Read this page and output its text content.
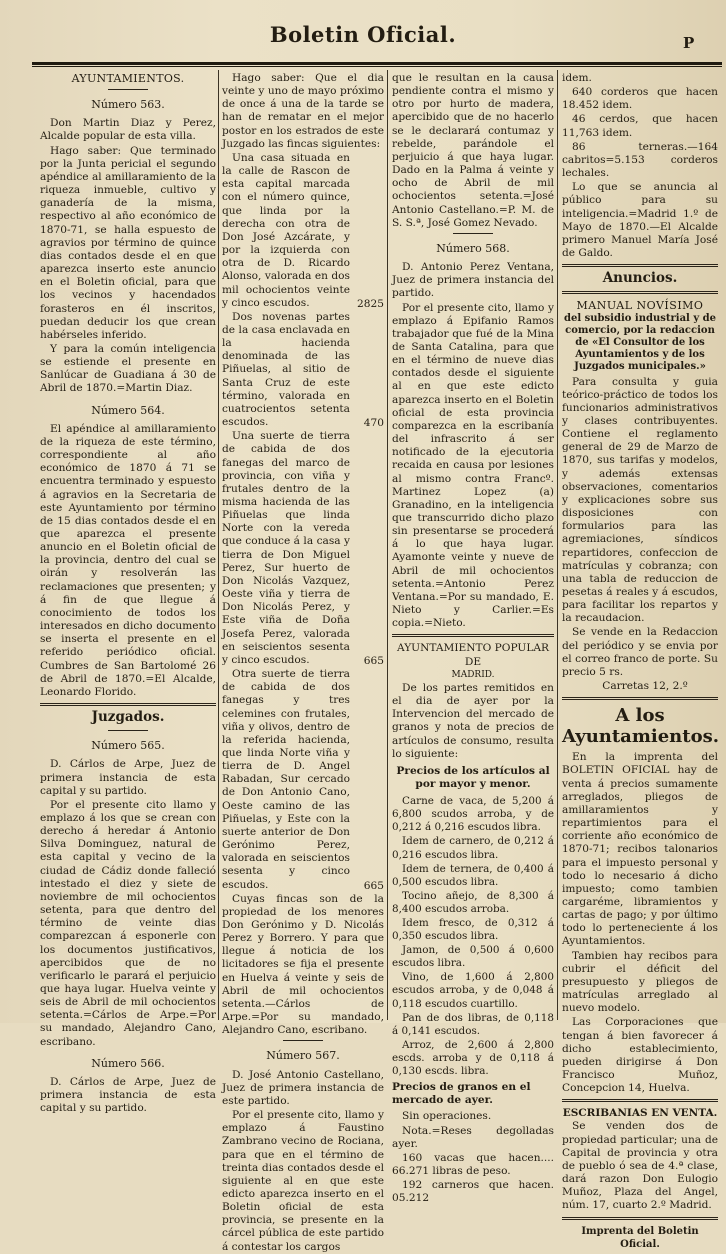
Boletin Oficial.	P
AYUNTAMIENTOS.
Número 563.

Don Martin Diaz y Perez, Alcalde popular de esta villa.

Hago saber: Que terminado por la Junta pericial el segundo apéndice al amillaramiento de la riqueza inmueble, cultivo y ganadería de la misma, respectivo al año económico de 1870-71, se halla espuesto de agravios por término de quince dias contados desde el en que aparezca inserto este anuncio en el Boletin oficial, para que los vecinos y hacendados forasteros en él inscritos, puedan deducir los que crean habérseles inferido.

Y para la común inteligencia se estiende el presente en Sanlúcar de Guadiana á 30 de Abril de 1870.=Martin Diaz.

Número 564.

El apéndice al amillaramiento de la riqueza de este término, correspondiente al año económico de 1870 á 71 se encuentra terminado y espuesto á agravios en la Secretaria de este Ayuntamiento por término de 15 dias contados desde el en que aparezca el presente anuncio en el Boletin oficial de la provincia, dentro del cual se oirán y resolverán las reclamaciones que presenten; y á fin de que llegue á conocimiento de todos los interesados en dicho documento se inserta el presente en el referido periódico oficial. Cumbres de San Bartolomé 26 de Abril de 1870.=El Alcalde, Leonardo Florido.

Juzgados.
Número 565.

D. Cárlos de Arpe, Juez de primera instancia de esta capital y su partido.

Por el presente cito llamo y emplazo á los que se crean con derecho á heredar á Antonio Silva Dominguez, natural de esta capital y vecino de la ciudad de Cádiz donde falleció intestado el diez y siete de noviembre de mil ochocientos setenta, para que dentro del término de veinte dias comparezcan á esponerle con los documentos justificativos, apercibidos que de no verificarlo le parará el perjuicio que haya lugar. Huelva veinte y seis de Abril de mil ochocientos setenta.=Cárlos de Arpe.=Por su mandado, Alejandro Cano, escribano.

Número 566.

D. Cárlos de Arpe, Juez de primera instancia de esta capital y su partido.

Hago saber: Que el dia veinte y uno de mayo próximo de once á una de la tarde se han de rematar en el mejor postor en los estrados de este Juzgado las fincas siguientes:

Una casa situada en la calle de Rascon de esta capital marcada con el número quince, que linda por la derecha con otra de Don José Azcárate, y por la izquierda con otra de D. Ricardo Alonso, valorada en dos mil ochocientos veinte y cinco escudos.	2825

Dos novenas partes de la casa enclavada en la hacienda denominada de las Piñuelas, al sitio de Santa Cruz de este término, valorada en cuatrocientos setenta escudos.	470

Una suerte de tierra de cabida de dos fanegas del marco de provincia, con viña y frutales dentro de la misma hacienda de las Piñuelas que linda Norte con la vereda que conduce á la casa y tierra de Don Miguel Perez, Sur huerto de Don Nicolás Vazquez, Oeste viña y tierra de Don Nicolás Perez, y Este viña de Doña Josefa Perez, valorada en seiscientos sesenta y cinco escudos.	665

Otra suerte de tierra de cabida de dos fanegas y tres celemines con frutales, viña y olivos, dentro de la referida hacienda, que linda Norte viña y tierra de D. Angel Rabadan, Sur cercado de Don Antonio Cano, Oeste camino de las Piñuelas, y Este con la suerte anterior de Don Gerónimo Perez, valorada en seiscientos sesenta y cinco escudos.	665

Cuyas fincas son de la propiedad de los menores Don Gerónimo y D. Nicolás Perez y Borrero. Y para que llegue á noticia de los licitadores se fija el presente en Huelva á veinte y seis de Abril de mil ochocientos setenta.—Cárlos de Arpe.=Por su mandado, Alejandro Cano, escribano.

Número 567.

D. José Antonio Castellano, Juez de primera instancia de este partido.

Por el presente cito, llamo y emplazo á Faustino Zambrano vecino de Rociana, para que en el término de treinta dias contados desde el siguiente al en que este edicto aparezca inserto en el Boletin oficial de esta provincia, se presente en la cárcel pública de este partido á contestar los cargos

que le resultan en la causa pendiente contra el mismo y otro por hurto de madera, apercibido que de no hacerlo se le declarará contumaz y rebelde, parándole el perjuicio á que haya lugar. Dado en la Palma á veinte y ocho de Abril de mil ochocientos setenta.=José Antonio Castellano.=P. M. de S. S.ª, José Gomez Nevado.

Número 568.

D. Antonio Perez Ventana, Juez de primera instancia del partido.

Por el presente cito, llamo y emplazo á Epifanio Ramos trabajador que fué de la Mina de Santa Catalina, para que en el término de nueve dias contados desde el siguiente al en que este edicto aparezca inserto en el Boletin oficial de esta provincia comparezca en la escribanía del infrascrito á ser notificado de la ejecutoria recaida en causa por lesiones al mismo contra Francº. Martinez Lopez (a) Granadino, en la inteligencia que transcurrido dicho plazo sin presentarse se procederá á lo que haya lugar. Ayamonte veinte y nueve de Abril de mil ochocientos setenta.=Antonio Perez Ventana.=Por su mandado, E. Nieto y Carlier.=Es copia.=Nieto.

AYUNTAMIENTO POPULAR DE
MADRID.

De los partes remitidos en el dia de ayer por la Intervencion del mercado de granos y nota de precios de artículos de consumo, resulta lo siguiente:

Precios de los artículos al por mayor y menor.

Carne de vaca, de 5,200 á 6,800 scudos arroba, y de 0,212 á 0,216 escudos libra.

Idem de carnero, de 0,212 á 0,216 escudos libra.

Idem de ternera, de 0,400 á 0,500 escudos libra.

Tocino añejo, de 8,300 á 8,400 escudos arroba.

Idem fresco, de 0,312 á 0,350 escudos libra.

Jamon, de 0,500 á 0,600 escudos libra.

Vino, de 1,600 á 2,800 escudos arroba, y de 0,048 á 0,118 escudos cuartillo.

Pan de dos libras, de 0,118 á 0,141 escudos.

Arroz, de 2,600 á 2,800 escds. arroba y de 0,118 á 0,130 escds. libra.

Precios de granos en el mercado de ayer.

Sin operaciones.

Nota.=Reses degolladas ayer.

160 vacas que hacen.... 66.271 libras de peso.

192 carneros que hacen. 05.212

idem.

640 corderos que hacen 18.452 idem.

46 cerdos, que hacen 11,763 idem.

86 terneras.—164 cabritos=5.153 corderos lechales.

Lo que se anuncia al público para su inteligencia.=Madrid 1.º de Mayo de 1870.—El Alcalde primero Manuel María José de Galdo.

Anuncios.
MANUAL NOVÍSIMO
del subsidio industrial y de comercio, por la redaccion de «El Consultor de los Ayuntamientos y de los Juzgados municipales.»

Para consulta y guia teórico-práctico de todos los funcionarios administrativos y clases contribuyentes. Contiene el reglamento general de 29 de Marzo de 1870, sus tarifas y modelos, y además extensas observaciones, comentarios y explicaciones sobre sus disposiciones con formularios para las agremiaciones, síndicos repartidores, confeccion de matrículas y cobranza; con una tabla de reduccion de pesetas á reales y á escudos, para facilitar los repartos y la recaudacion.

Se vende en la Redaccion del periódico y se envia por el correo franco de porte. Su precio 5 rs.

Carretas 12, 2.º

A los Ayuntamientos.

En la imprenta del BOLETIN OFICIAL hay de venta á precios sumamente arreglados, pliegos de amillaramientos y repartimientos para el corriente año económico de 1870-71; recibos talonarios para el impuesto personal y todo lo necesario á dicho impuesto; como tambien cargaréme, libramientos y cartas de pago; y por último todo lo perteneciente á los Ayuntamientos.

Tambien hay recibos para cubrir el déficit del presupuesto y pliegos de matrículas arreglado al nuevo modelo.

Las Corporaciones que tengan á bien favorecer á dicho establecimiento, pueden dirigirse á Don Francisco Muñoz, Concepcion 14, Huelva.

ESCRIBANIAS EN VENTA.

Se venden dos de propiedad particular; una de Capital de provincia y otra de pueblo ó sea de 4.ª clase, dará razon Don Eulogio Muñoz, Plaza del Angel, núm. 17, cuarto 2.º Madrid.

Imprenta del Boletin Oficial.
